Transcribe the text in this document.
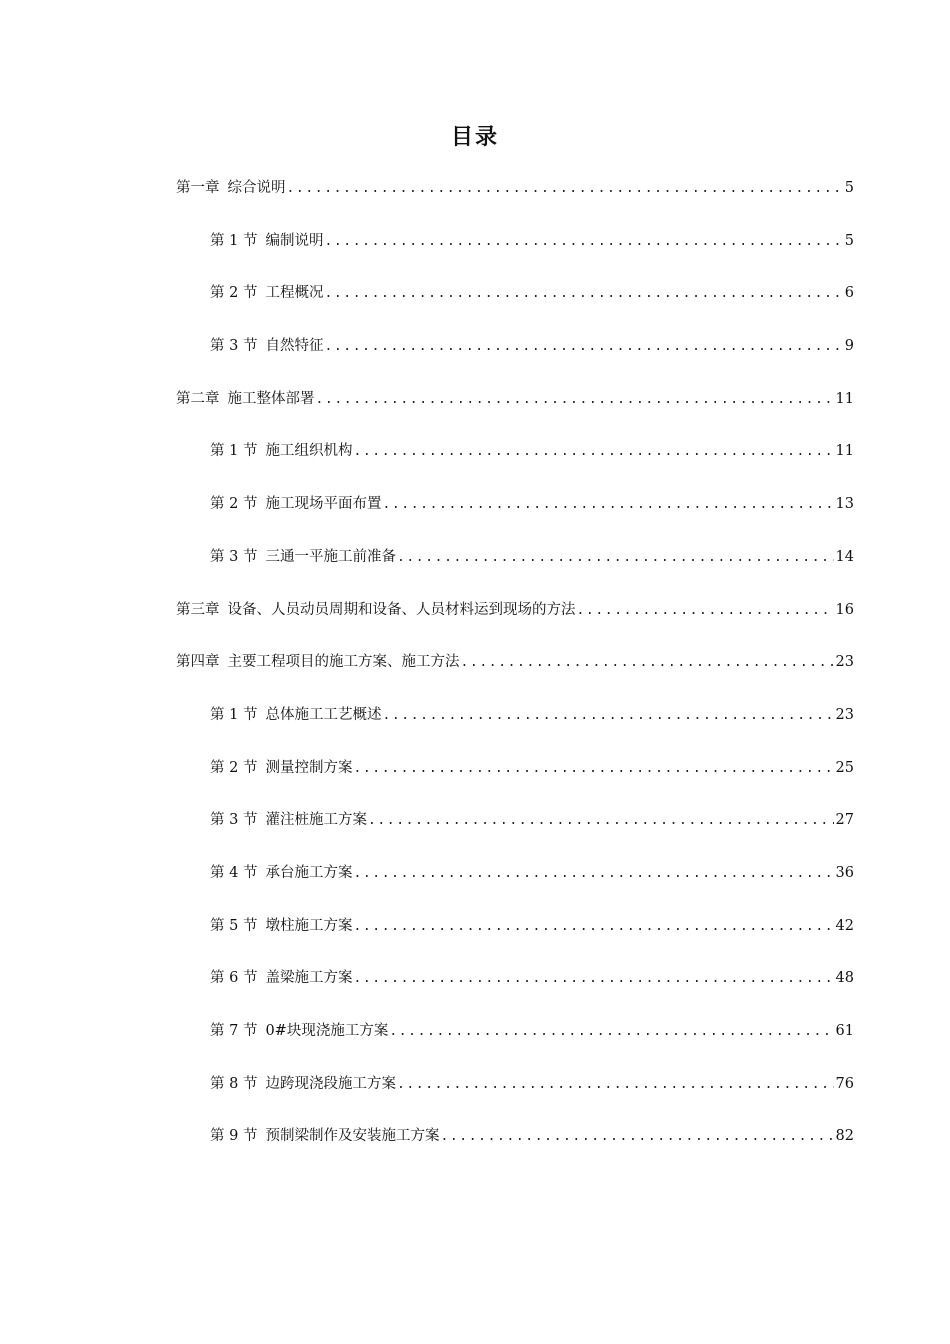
目录
第一章 综合说明 .....	5
第 1 节 编制说明 .....	5
第 2 节 工程概况 .....	6
第 3 节 自然特征 .....	9
第二章 施工整体部署 .....	11
第 1 节 施工组织机构 .....	11
第 2 节 施工现场平面布置 .....	13
第 3 节 三通一平施工前准备 .....	14
第三章 设备、人员动员周期和设备、人员材料运到现场的方法 .....	16
第四章 主要工程项目的施工方案、施工方法 .....	23
第 1 节 总体施工工艺概述 .....	23
第 2 节 测量控制方案 .....	25
第 3 节 灌注桩施工方案 .....	27
第 4 节 承台施工方案 .....	36
第 5 节 墩柱施工方案 .....	42
第 6 节 盖梁施工方案 .....	48
第 7 节 0#块现浇施工方案 .....	61
第 8 节 边跨现浇段施工方案 .....	76
第 9 节 预制梁制作及安装施工方案 .....	82
